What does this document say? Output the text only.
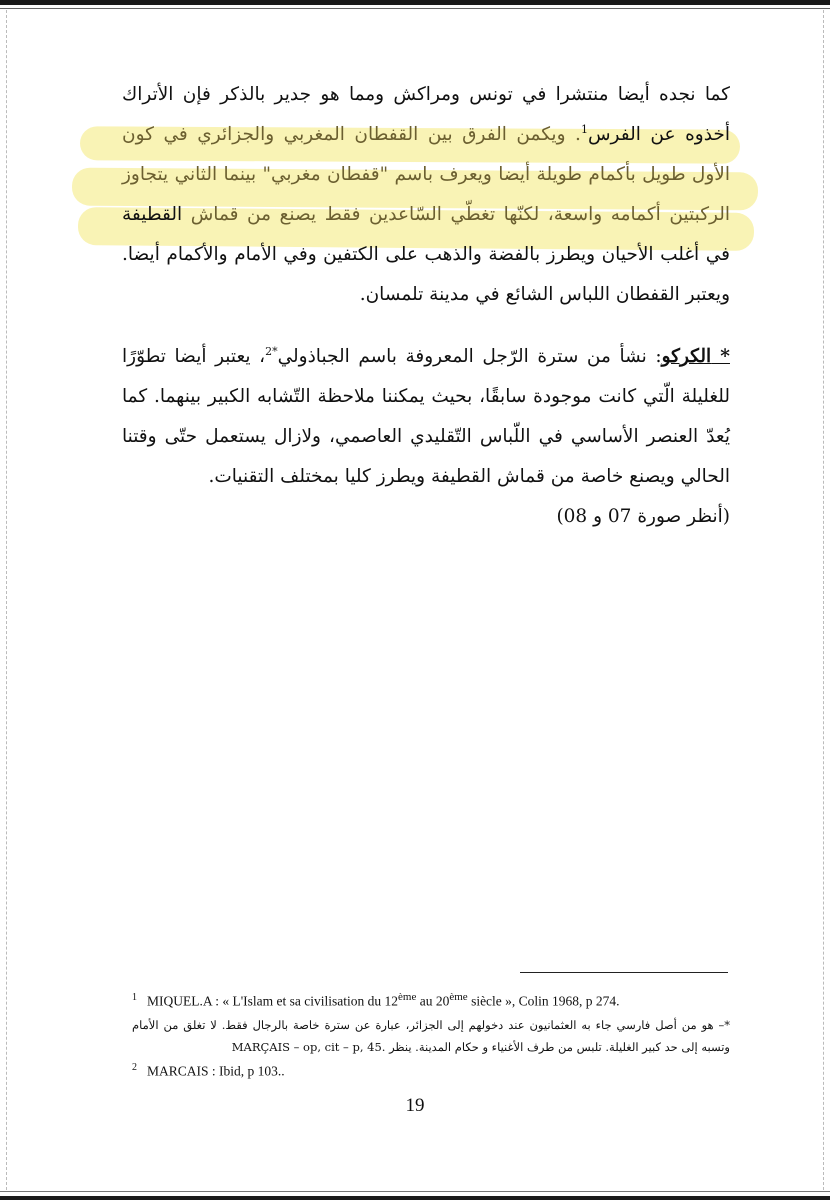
كما نجده أيضا منتشرا في تونس ومراكش ومما هو جدير بالذكر فإن الأتراك أخذوه عن الفرس$^1$. ويكمن الفرق بين القفطان المغربي والجزائري في كون الأول طويل بأكمام طويلة أيضا ويعرف باسم "قفطان مغربي" بينما الثاني يتجاوز الركبتين أكمامه واسعة، لكنّها تغطّي السّاعدين فقط يصنع من قماش القطيفة في أغلب الأحيان ويطرز بالفضة والذهب على الكتفين وفي الأمام والأكمام أيضا. ويعتبر القفطان اللباس الشائع في مدينة تلمسان.

* الكركو: نشأ من سترة الرّجل المعروفة باسم الجباذولي$^{*2}$، يعتبر أيضا تطوّرًا للغليلة الّتي كانت موجودة سابقًا، بحيث يمكننا ملاحظة التّشابه الكبير بينهما. كما يُعدّ العنصر الأساسي في اللّباس التّقليدي العاصمي، ولازال يستعمل حتّى وقتنا الحالي ويصنع خاصة من قماش القطيفة ويطرز كليا بمختلف التقنيات.
(أنظر صورة 07 و 08)

$^1$ MIQUEL.A : « L'Islam et sa civilisation du 12ème au 20ème siècle », Colin 1968, p 274.
*– هو من أصل فارسي جاء به العثمانيون عند دخولهم إلى الجزائر، عبارة عن سترة خاصة بالرجال فقط. لا تغلق من الأمام وتسبه إلى حد كبير الغليلة. تلبس من طرف الأغنياء و حكام المدينة. ينظر MARÇAIS – op, cit – p, 45.
$^2$ MARCAIS : Ibid, p 103..
19
